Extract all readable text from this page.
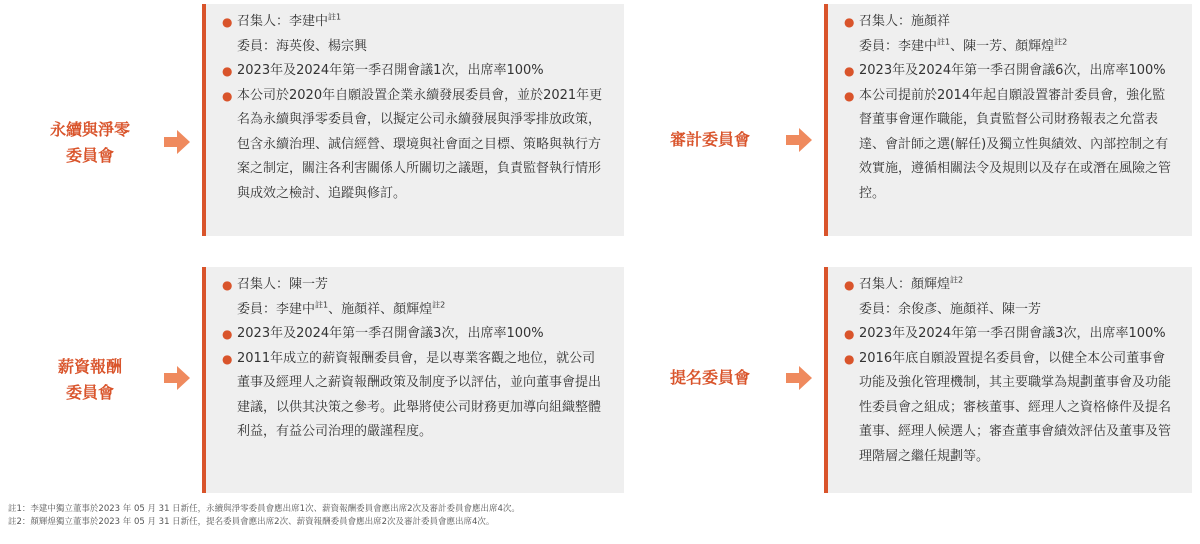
永續與淨零
委員會
● 召集人：李建中$^{註1}$
委員：海英俊、楊宗興
● 2023年及2024年第一季召開會議1次，出席率100%
● 本公司於2020年自願設置企業永續發展委員會，並於2021年更名為永續與淨零委員會，以擬定公司永續發展與淨零排放政策，包含永續治理、誠信經營、環境與社會面之目標、策略與執行方案之制定，關注各利害關係人所關切之議題，負責監督執行情形與成效之檢討、追蹤與修訂。
審計委員會
● 召集人：施顏祥
委員：李建中$^{註1}$、陳一芳、顏輝煌$^{註2}$
● 2023年及2024年第一季召開會議6次，出席率100%
● 本公司提前於2014年起自願設置審計委員會，強化監督董事會運作職能，負責監督公司財務報表之允當表達、會計師之選(解任)及獨立性與績效、內部控制之有效實施，遵循相關法令及規則以及存在或潛在風險之管控。
薪資報酬
委員會
● 召集人：陳一芳
委員：李建中$^{註1}$、施顏祥、顏輝煌$^{註2}$
● 2023年及2024年第一季召開會議3次，出席率100%
● 2011年成立的薪資報酬委員會，是以專業客觀之地位，就公司董事及經理人之薪資報酬政策及制度予以評估，並向董事會提出建議，以供其決策之參考。此舉將使公司財務更加導向組織整體利益，有益公司治理的嚴謹程度。
提名委員會
● 召集人：顏輝煌$^{註2}$
委員：余俊彥、施顏祥、陳一芳
● 2023年及2024年第一季召開會議3次，出席率100%
● 2016年底自願設置提名委員會，以健全本公司董事會功能及強化管理機制，其主要職掌為規劃董事會及功能性委員會之組成；審核董事、經理人之資格條件及提名董事、經理人候選人；審查董事會績效評估及董事及管理階層之繼任規劃等。
註1：李建中獨立董事於2023 年 05 月 31 日新任，永續與淨零委員會應出席1次、薪資報酬委員會應出席2次及審計委員會應出席4次。
註2：顏輝煌獨立董事於2023 年 05 月 31 日新任，提名委員會應出席2次、薪資報酬委員會應出席2次及審計委員會應出席4次。
